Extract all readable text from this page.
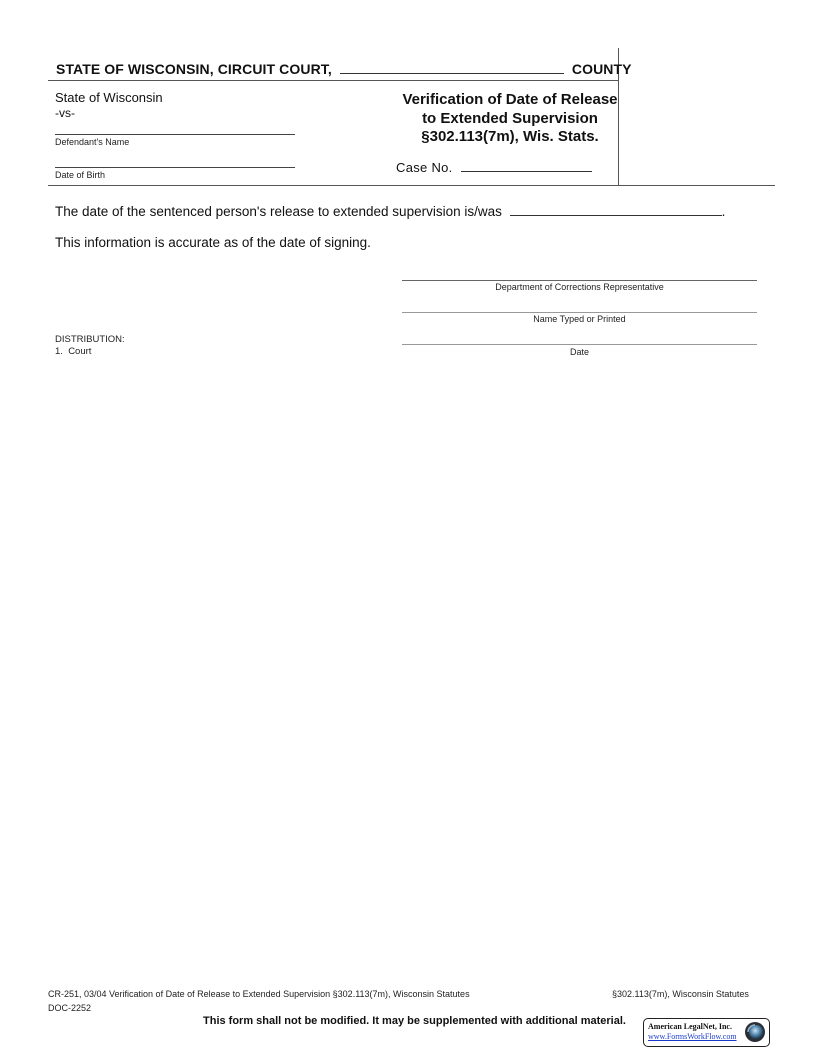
STATE OF WISCONSIN, CIRCUIT COURT,	COUNTY
State of Wisconsin
-vs-
Defendant's Name
Date of Birth
Verification of Date of Release
to Extended Supervision
§302.113(7m), Wis. Stats.
Case No.
The date of the sentenced person's release to extended supervision is/was	.
This information is accurate as of the date of signing.
Department of Corrections Representative
Name Typed or Printed
Date
DISTRIBUTION:
1.  Court
CR-251, 03/04 Verification of Date of Release to Extended Supervision §302.113(7m), Wisconsin Statutes
DOC-2252
§302.113(7m), Wisconsin Statutes
This form shall not be modified. It may be supplemented with additional material.	American LegalNet, Inc.
www.FormsWorkFlow.com
